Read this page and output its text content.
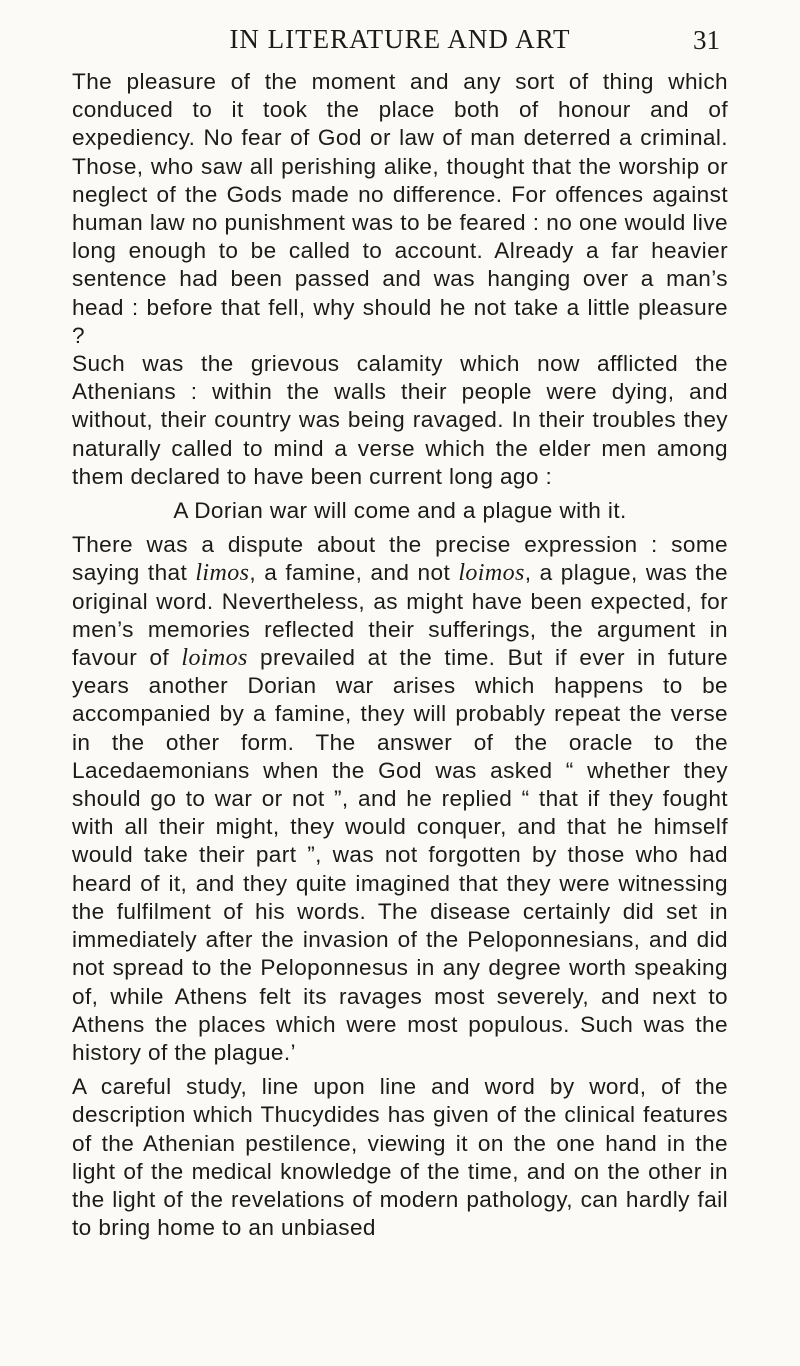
IN LITERATURE AND ART	31

The pleasure of the moment and any sort of thing which conduced to it took the place both of honour and of expediency. No fear of God or law of man deterred a criminal. Those, who saw all perishing alike, thought that the worship or neglect of the Gods made no difference. For offences against human law no punishment was to be feared : no one would live long enough to be called to account. Already a far heavier sentence had been passed and was hanging over a man’s head : before that fell, why should he not take a little pleasure ?

Such was the grievous calamity which now afflicted the Athenians : within the walls their people were dying, and without, their country was being ravaged. In their troubles they naturally called to mind a verse which the elder men among them declared to have been current long ago :

A Dorian war will come and a plague with it.

There was a dispute about the precise expression : some saying that limos, a famine, and not loimos, a plague, was the original word. Nevertheless, as might have been expected, for men’s memories reflected their sufferings, the argument in favour of loimos prevailed at the time. But if ever in future years another Dorian war arises which happens to be accompanied by a famine, they will probably repeat the verse in the other form. The answer of the oracle to the Lacedaemonians when the God was asked “ whether they should go to war or not ”, and he replied “ that if they fought with all their might, they would conquer, and that he himself would take their part ”, was not forgotten by those who had heard of it, and they quite imagined that they were witnessing the fulfilment of his words. The disease certainly did set in immediately after the invasion of the Peloponnesians, and did not spread to the Peloponnesus in any degree worth speaking of, while Athens felt its ravages most severely, and next to Athens the places which were most populous. Such was the history of the plague.’

A careful study, line upon line and word by word, of the description which Thucydides has given of the clinical features of the Athenian pestilence, viewing it on the one hand in the light of the medical knowledge of the time, and on the other in the light of the revelations of modern pathology, can hardly fail to bring home to an unbiased
